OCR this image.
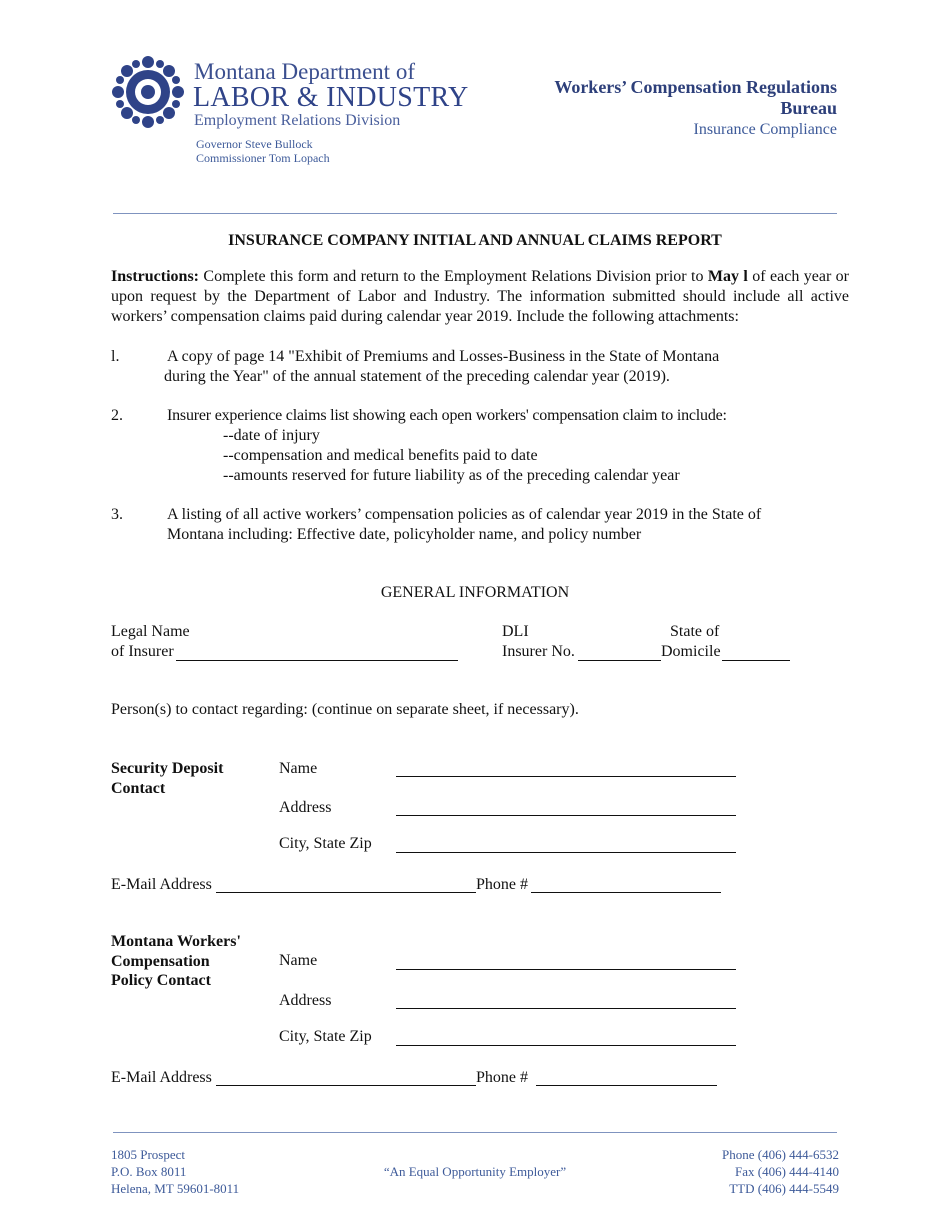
Montana Department of
LABOR & INDUSTRY
Employment Relations Division
Governor Steve Bullock
Commissioner Tom Lopach
Workers’ Compensation Regulations
Bureau
Insurance Compliance
INSURANCE COMPANY INITIAL AND ANNUAL CLAIMS REPORT
Instructions: Complete this form and return to the Employment Relations Division prior to May l of each year or upon request by the Department of Labor and Industry. The information submitted should include all active workers’ compensation claims paid during calendar year 2019. Include the following attachments:
l.	A copy of page 14 "Exhibit of Premiums and Losses-Business in the State of Montana
during the Year" of the annual statement of the preceding calendar year (2019).
2.	Insurer experience claims list showing each open workers' compensation claim to include:
--date of injury
--compensation and medical benefits paid to date
--amounts reserved for future liability as of the preceding calendar year
3.	A listing of all active workers’ compensation policies as of calendar year 2019 in the State of
Montana including: Effective date, policyholder name, and policy number
GENERAL INFORMATION
Legal Name
of Insurer
DLI
Insurer No.
State of
Domicile
Person(s) to contact regarding: (continue on separate sheet, if necessary).
Security Deposit
Contact
Name
Address
City, State Zip
E-Mail Address	Phone #
Montana Workers'
Compensation
Policy Contact
Name
Address
City, State Zip
E-Mail Address	Phone #
1805 Prospect
P.O. Box 8011
Helena, MT 59601-8011
“An Equal Opportunity Employer”
Phone (406) 444-6532
Fax (406) 444-4140
TTD (406) 444-5549
